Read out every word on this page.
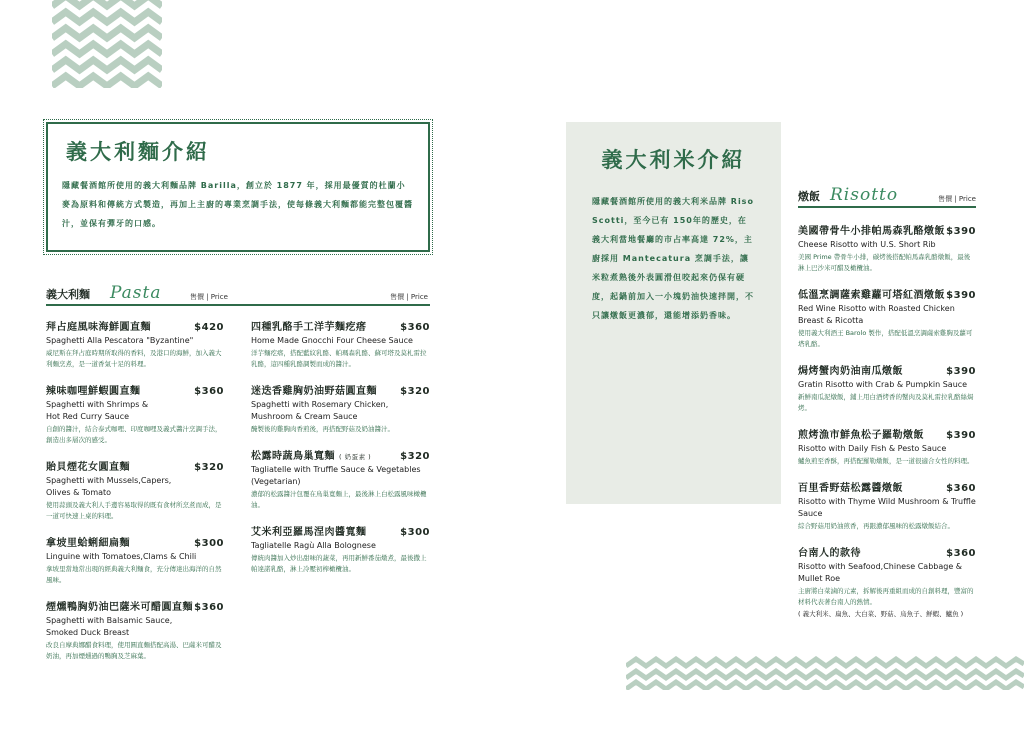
義大利麵介紹

隱藏餐酒館所使用的義大利麵品牌 Barilla，創立於 1877 年，採用最優質的杜蘭小麥為原料和傳統方式製造，再加上主廚的專業烹調手法，使每條義大利麵都能完整包覆醬汁，並保有彈牙的口感。

義大利麵 Pasta	售價 | Price	售價 | Price
拜占庭風味海鮮圓直麵	$420
Spaghetti Alla Pescatora "Byzantine"
威尼斯在拜占庭時期所取得的香料，及港口的海鮮，加入義大利麵烹煮，是一道香氣十足的料理。
辣味咖哩鮮蝦圓直麵	$360
Spaghetti with Shrimps & Hot Red Curry Sauce
自創的醬汁，結合泰式咖哩、印度咖哩及義式醬汁烹調手法，創造出多層次的感受。
貽貝煙花女圓直麵	$320
Spaghetti with Mussels,Capers, Olives & Tomato
使用蒜頭及義大利人手邊容易取得的既有食材所烹煮而成，是一道可快速上桌的料理。
拿坡里蛤蜊細扁麵	$300
Linguine with Tomatoes,Clams & Chili
拿坡里當地常出現的經典義大利麵食，充分傳達出海洋的自然風味。
煙燻鴨胸奶油巴薩米可醋圓直麵 $360
Spaghetti with Balsamic Sauce, Smoked Duck Breast
改良自摩典娜醋食料理，使用圓直麵搭配高湯、巴薩米可醋及奶油，再加煙燻過的鴨胸及芝麻葉。
四種乳酪手工洋芋麵疙瘩	$360
Home Made Gnocchi Four Cheese Sauce
洋芋麵疙瘩，搭配藍紋乳酪、帕瑪森乳酪、蘇可塔及莫札雷拉乳酪，這四種乳酪調製而成的醬汁。
迷迭香雞胸奶油野菇圓直麵 $320
Spaghetti with Rosemary Chicken, Mushroom & Cream Sauce
醃製後的雞胸肉香煎後，再搭配野菇及奶油醬汁。
松露時蔬鳥巢寬麵 ( 奶蛋素 )	$320
Tagliatelle with Truffle Sauce & Vegetables (Vegetarian)
濃郁的松露醬汁包覆在鳥巢寬麵上，最後淋上白松露風味橄欖油。
艾米利亞羅馬涅肉醬寬麵	$300
Tagliatelle Ragù Alla Bolognese
傳統肉醬加入炒出甜味的蔬菜，再用新鮮番茄燉煮，最後撒上帕達諾乳酪，淋上冷壓初榨橄欖油。
義大利米介紹

隱藏餐酒館所使用的義大利米品牌 Riso Scotti，至今已有 150年的歷史，在義大利當地餐廳的市占率高達 72%，主廚採用 Mantecatura 烹調手法，讓米粒煮熟後外表圓滑但咬起來仍保有硬度，起鍋前加入一小塊奶油快速拌開，不只讓燉飯更濃郁，還能增添奶香味。

燉飯 Risotto	售價 | Price
美國帶骨牛小排帕馬森乳酪燉飯 $390
Cheese Risotto with U.S. Short Rib
美國 Prime 帶骨牛小排，碳烤後搭配帕馬森乳酪燉飯，最後淋上巴沙米可醋及橄欖油。
低溫烹調薩索雞蘿可塔紅酒燉飯 $390
Red Wine Risotto with Roasted Chicken Breast & Ricotta
使用義大利酒王 Barolo 製作，搭配低溫烹調薩索雞胸及蘿可塔乳酪。
焗烤蟹肉奶油南瓜燉飯	$390
Gratin Risotto with Crab & Pumpkin Sauce
新鮮南瓜泥燉飯，鋪上用白酒烤香的蟹肉及莫札雷拉乳酪絲焗烤。
煎烤漁市鮮魚松子羅勒燉飯 $390
Risotto with Daily Fish & Pesto Sauce
鱸魚煎至香酥，再搭配羅勒燉飯，是一道很適合女性的料理。
百里香野菇松露醬燉飯	$360
Risotto with Thyme Wild Mushroom & Truffle Sauce
綜合野菇用奶油煎香，再跟濃郁風味的松露燉飯結合。
台南人的款待	$360
Risotto with Seafood,Chinese Cabbage & Mullet Roe
主廚將白菜滷的元素，拆解後再重組而成的自創料理，豐富的材料代表著台南人的熱情。
( 義大利米、扁魚、大白菜、野菇、烏魚子、鮮蝦、鱸魚 )
